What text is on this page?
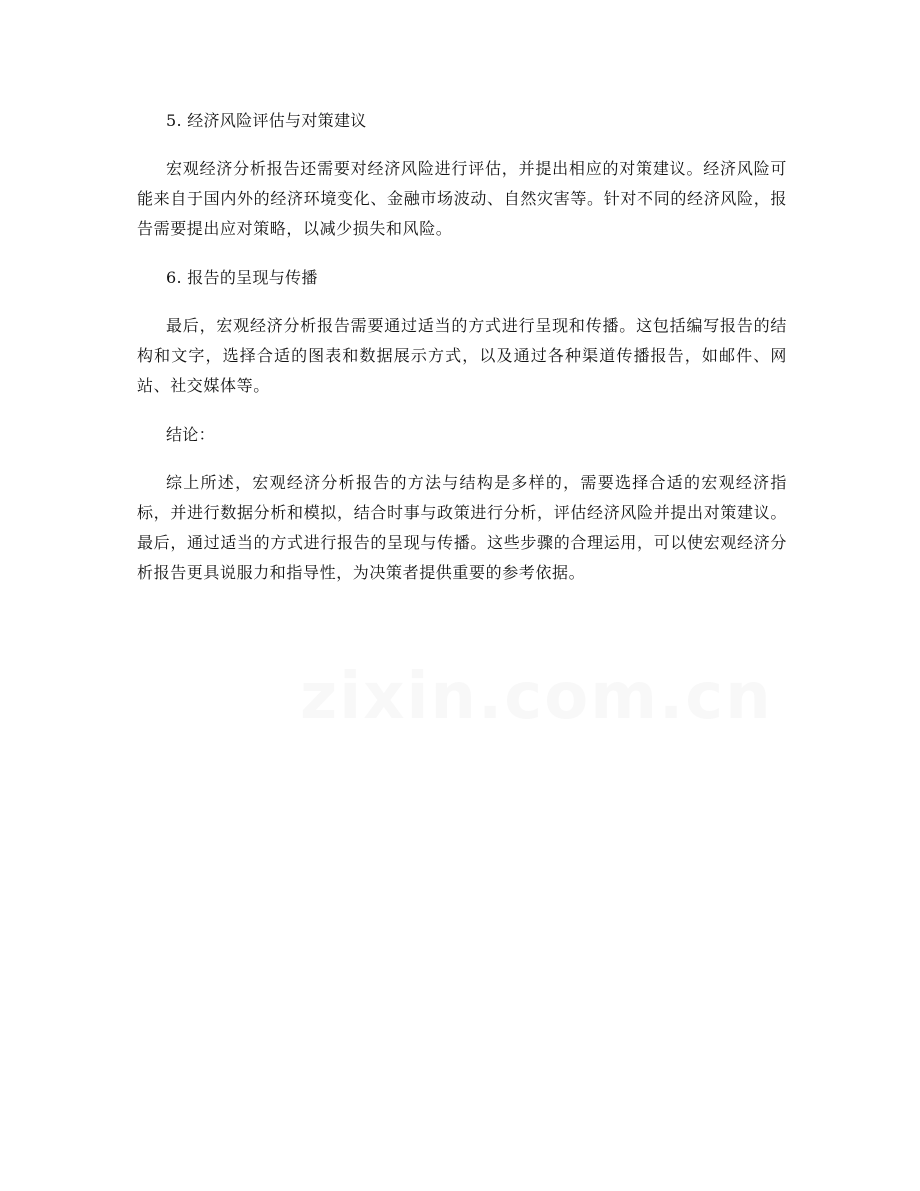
5. 经济风险评估与对策建议

宏观经济分析报告还需要对经济风险进行评估，并提出相应的对策建议。经济风险可能来自于国内外的经济环境变化、金融市场波动、自然灾害等。针对不同的经济风险，报告需要提出应对策略，以减少损失和风险。

6. 报告的呈现与传播

最后，宏观经济分析报告需要通过适当的方式进行呈现和传播。这包括编写报告的结构和文字，选择合适的图表和数据展示方式，以及通过各种渠道传播报告，如邮件、网站、社交媒体等。

结论：

综上所述，宏观经济分析报告的方法与结构是多样的，需要选择合适的宏观经济指标，并进行数据分析和模拟，结合时事与政策进行分析，评估经济风险并提出对策建议。最后，通过适当的方式进行报告的呈现与传播。这些步骤的合理运用，可以使宏观经济分析报告更具说服力和指导性，为决策者提供重要的参考依据。

zixin.com.cn
